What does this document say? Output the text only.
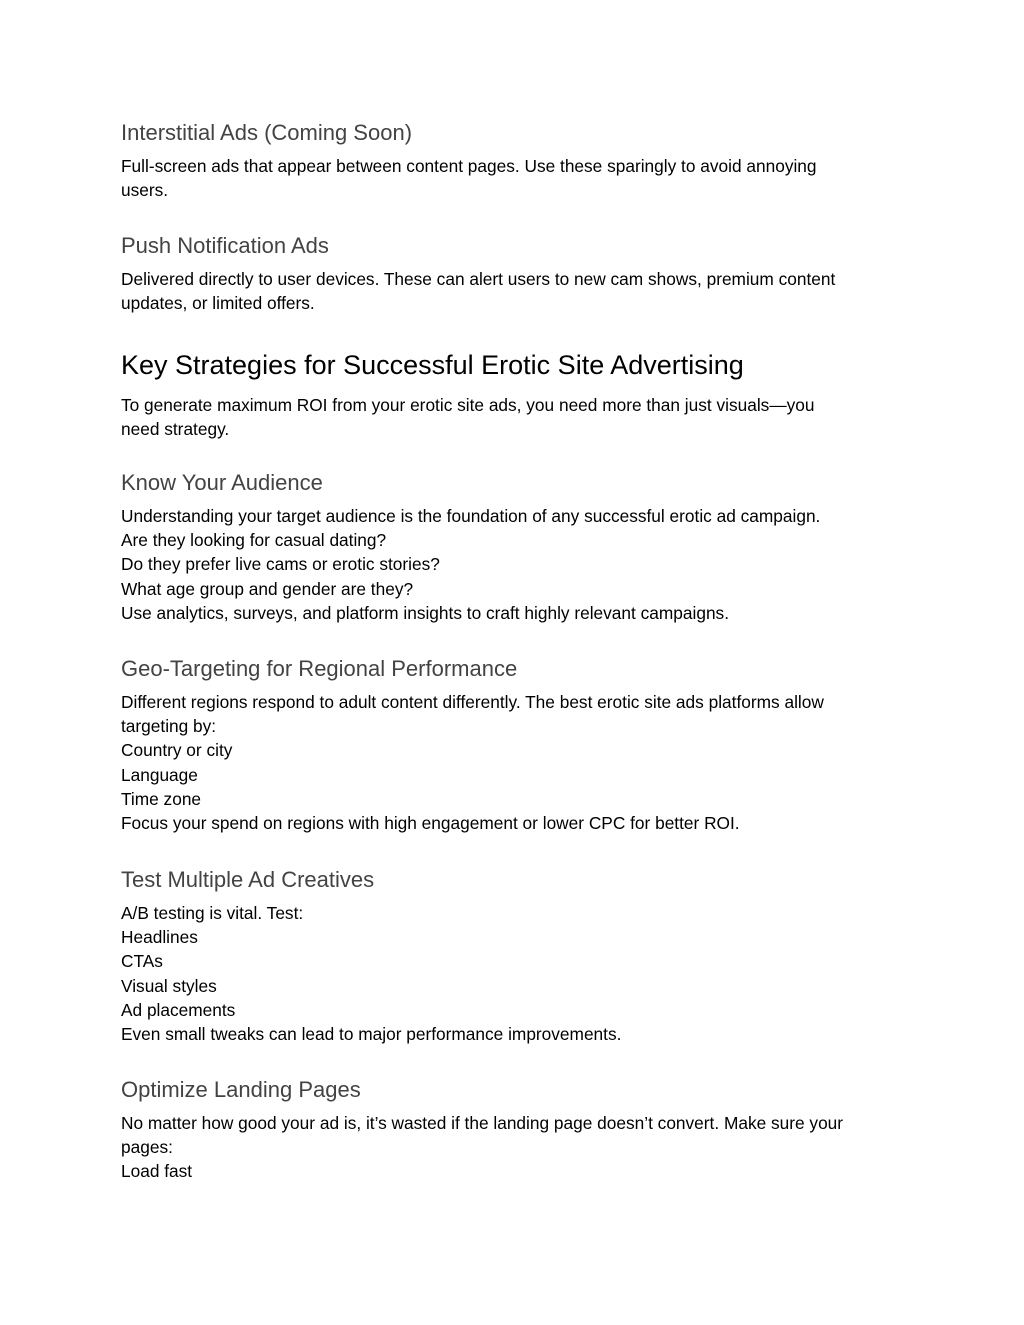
Interstitial Ads (Coming Soon)

Full-screen ads that appear between content pages. Use these sparingly to avoid annoying

users.

Push Notification Ads

Delivered directly to user devices. These can alert users to new cam shows, premium content

updates, or limited offers.

Key Strategies for Successful Erotic Site Advertising

To generate maximum ROI from your erotic site ads, you need more than just visuals—you

need strategy.

Know Your Audience

Understanding your target audience is the foundation of any successful erotic ad campaign.

Are they looking for casual dating?

Do they prefer live cams or erotic stories?

What age group and gender are they?

Use analytics, surveys, and platform insights to craft highly relevant campaigns.

Geo-Targeting for Regional Performance

Different regions respond to adult content differently. The best erotic site ads platforms allow

targeting by:

Country or city

Language

Time zone

Focus your spend on regions with high engagement or lower CPC for better ROI.

Test Multiple Ad Creatives

A/B testing is vital. Test:

Headlines

CTAs

Visual styles

Ad placements

Even small tweaks can lead to major performance improvements.

Optimize Landing Pages

No matter how good your ad is, it’s wasted if the landing page doesn’t convert. Make sure your

pages:

Load fast
